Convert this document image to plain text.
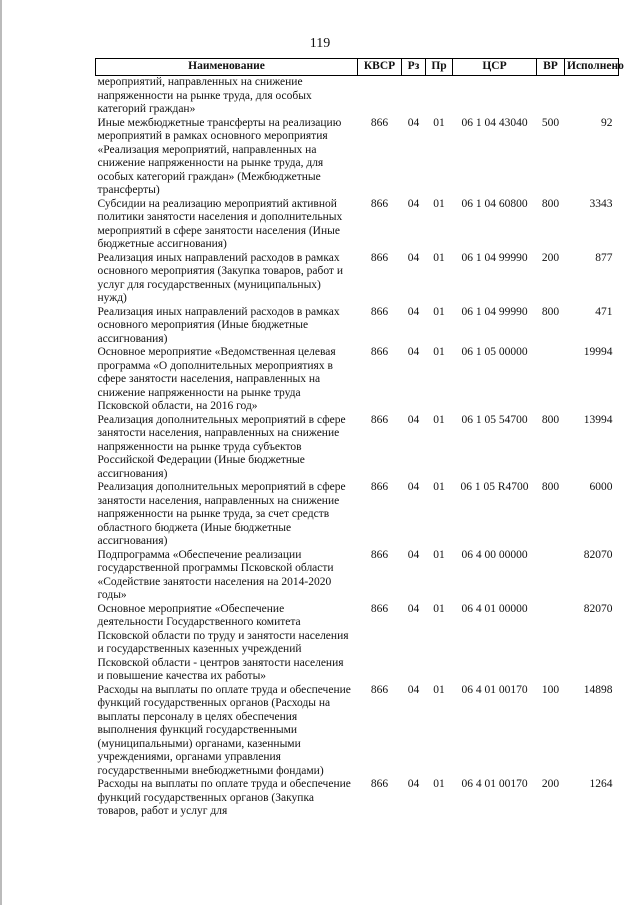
119
Наименование	КВСР	Рз	Пр	ЦСР	ВР	Исполнено
мероприятий, направленных на снижение напряженности на рынке труда, для особых категорий граждан»						
Иные межбюджетные трансферты на реализацию мероприятий в рамках основного мероприятия «Реализация мероприятий, направленных на снижение напряженности на рынке труда, для особых категорий граждан» (Межбюджетные трансферты)	866	04	01	06 1 04 43040	500	92
Субсидии на реализацию мероприятий активной политики занятости населения и дополнительных мероприятий в сфере занятости населения (Иные бюджетные ассигнования)	866	04	01	06 1 04 60800	800	3343
Реализация иных направлений расходов в рамках основного мероприятия (Закупка товаров, работ и услуг для государственных (муниципальных) нужд)	866	04	01	06 1 04 99990	200	877
Реализация иных направлений расходов в рамках основного мероприятия (Иные бюджетные ассигнования)	866	04	01	06 1 04 99990	800	471
Основное мероприятие «Ведомственная целевая программа «О дополнительных мероприятиях в сфере занятости населения, направленных на снижение напряженности на рынке труда Псковской области, на 2016 год»	866	04	01	06 1 05 00000		19994
Реализация дополнительных мероприятий в сфере занятости населения, направленных на снижение напряженности на рынке труда субъектов Российской Федерации (Иные бюджетные ассигнования)	866	04	01	06 1 05 54700	800	13994
Реализация дополнительных мероприятий в сфере занятости населения, направленных на снижение напряженности на рынке труда, за счет средств областного бюджета (Иные бюджетные ассигнования)	866	04	01	06 1 05 R4700	800	6000
Подпрограмма «Обеспечение реализации государственной программы Псковской области «Содействие занятости населения на 2014-2020 годы»	866	04	01	06 4 00 00000		82070
Основное мероприятие «Обеспечение деятельности Государственного комитета Псковской области по труду и занятости населения и государственных казенных учреждений Псковской области - центров занятости населения и повышение качества их работы»	866	04	01	06 4 01 00000		82070
Расходы на выплаты по оплате труда и обеспечение функций государственных органов (Расходы на выплаты персоналу в целях обеспечения выполнения функций государственными (муниципальными) органами, казенными учреждениями, органами управления государственными внебюджетными фондами)	866	04	01	06 4 01 00170	100	14898
Расходы на выплаты по оплате труда и обеспечение функций государственных органов (Закупка товаров, работ и услуг для	866	04	01	06 4 01 00170	200	1264
